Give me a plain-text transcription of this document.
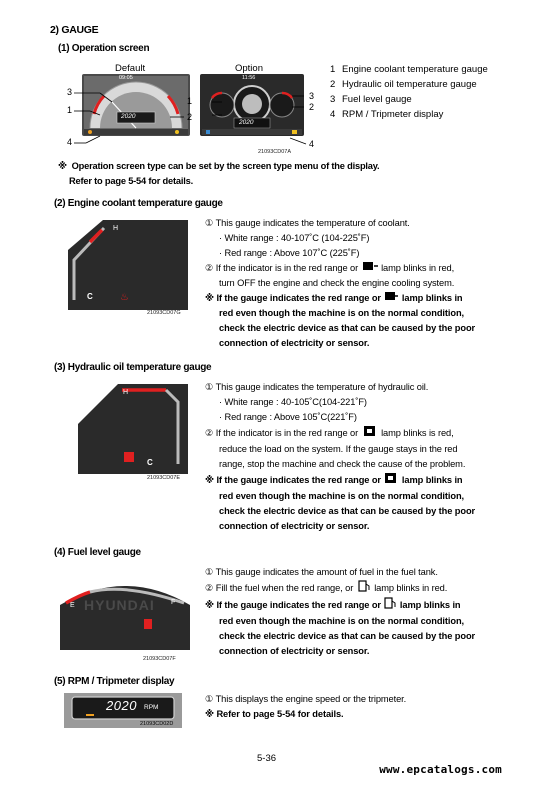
2) GAUGE
(1) Operation screen
Default	Option
09:05
2020
11:56
2020
3
1
2
4
1	3
2
4
21093CD07A
1 Engine coolant temperature gauge
2 Hydraulic oil temperature gauge
3 Fuel level gauge
4 RPM / Tripmeter display
※ Operation screen type can be set by the screen type menu of the display.
Refer to page 5-54 for details.
(2) Engine coolant temperature gauge
♨
H
C
21093CD07G
① This gauge indicates the temperature of coolant.
· White range : 40-107˚C (104-225˚F)
· Red range : Above 107˚C (225˚F)
② If the indicator is in the red range or lamp blinks in red,
turn OFF the engine and check the engine cooling system.
※ If the gauge indicates the red range or lamp blinks in
red even though the machine is on the normal condition,
check the electric device as that can be caused by the poor
connection of electricity or sensor.
(3) Hydraulic oil temperature gauge
H
C
21093CD07E
① This gauge indicates the temperature of hydraulic oil.
· White range : 40-105˚C(104-221˚F)
· Red range : Above 105˚C(221˚F)
② If the indicator is in the red range or lamp blinks is red,
reduce the load on the system. If the gauge stays in the red
range, stop the machine and check the cause of the problem.
※ If the gauge indicates the red range or lamp blinks in
red even though the machine is on the normal condition,
check the electric device as that can be caused by the poor
connection of electricity or sensor.
(4) Fuel level gauge
HYUNDAI
E	F
21093CD07F
① This gauge indicates the amount of fuel in the fuel tank.
② Fill the fuel when the red range, or lamp blinks in red.
※ If the gauge indicates the red range or lamp blinks in
red even though the machine is on the normal condition,
check the electric device as that can be caused by the poor
connection of electricity or sensor.
(5) RPM / Tripmeter display
2020 RPM
21093CD02D
① This displays the engine speed or the tripmeter.
※ Refer to page 5-54 for details.
5-36
www.epcatalogs.com
